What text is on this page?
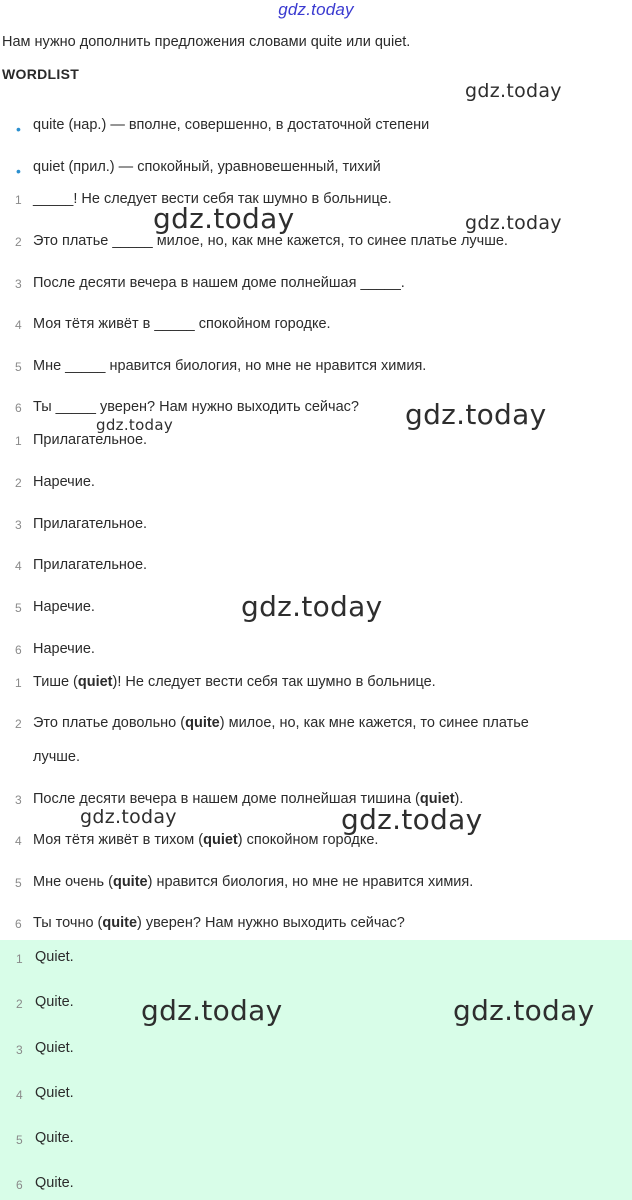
gdz.today
Нам нужно дополнить предложения словами quite или quiet.
WORDLIST
• quite (нар.) — вполне, совершенно, в достаточной степени
• quiet (прил.) — спокойный, уравновешенный, тихий
1 _____! Не следует вести себя так шумно в больнице.
2 Это платье _____ милое, но, как мне кажется, то синее платье лучше.
3 После десяти вечера в нашем доме полнейшая _____.
4 Моя тётя живёт в _____ спокойном городке.
5 Мне _____ нравится биология, но мне не нравится химия.
6 Ты _____ уверен? Нам нужно выходить сейчас?
1 Прилагательное.
2 Наречие.
3 Прилагательное.
4 Прилагательное.
5 Наречие.
6 Наречие.
1 Тише (quiet)! Не следует вести себя так шумно в больнице.
2 Это платье довольно (quite) милое, но, как мне кажется, то синее платье
лучше.
3 После десяти вечера в нашем доме полнейшая тишина (quiet).
4 Моя тётя живёт в тихом (quiet) спокойном городке.
5 Мне очень (quite) нравится биология, но мне не нравится химия.
6 Ты точно (quite) уверен? Нам нужно выходить сейчас?
1 Quiet.
2 Quite.
3 Quiet.
4 Quiet.
5 Quite.
6 Quite.
gdz.today
gdz.today	gdz.today
gdz.today	gdz.today
gdz.today
gdz.today	gdz.today
gdz.today	gdz.today
